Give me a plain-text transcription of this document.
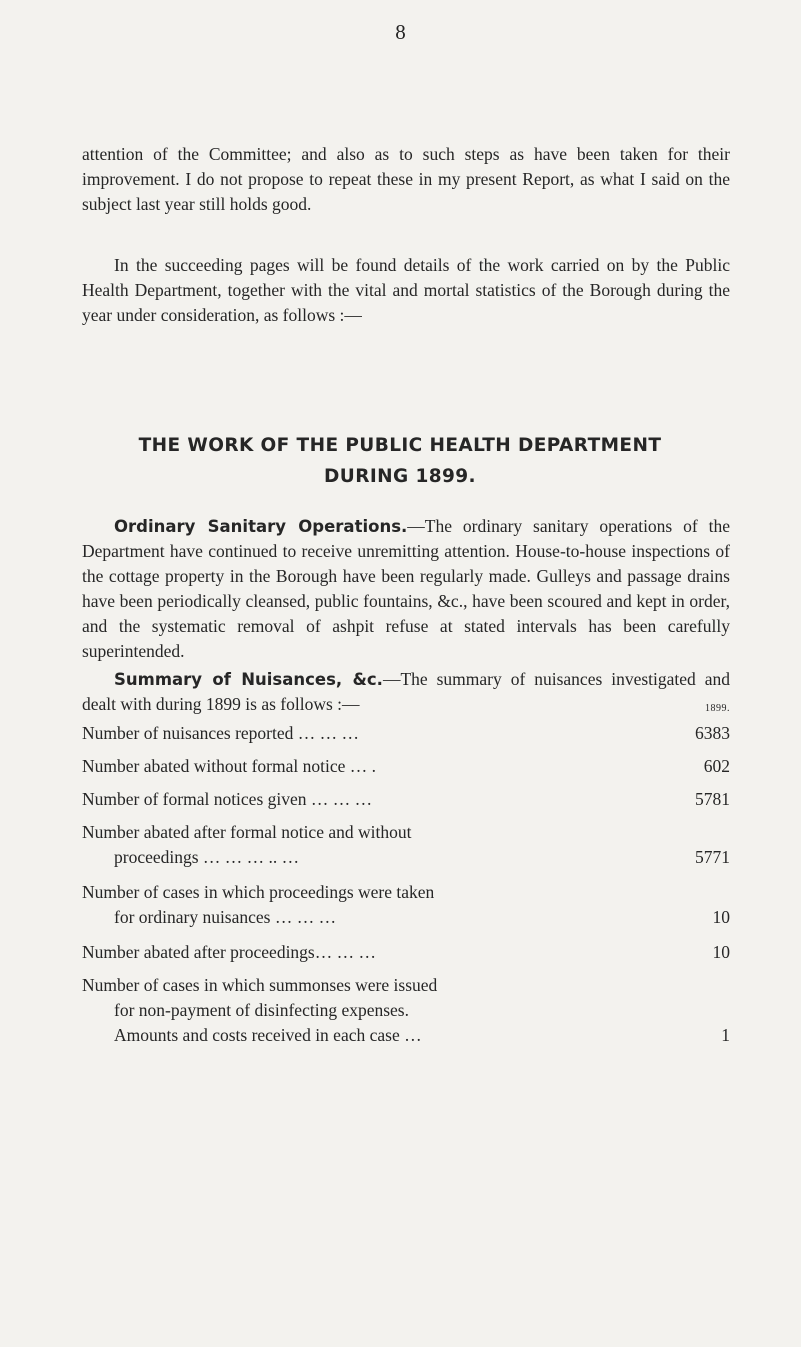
8

attention of the Committee; and also as to such steps as have been taken for their improvement. I do not propose to repeat these in my present Report, as what I said on the subject last year still holds good.

In the succeeding pages will be found details of the work carried on by the Public Health Department, together with the vital and mortal statistics of the Borough during the year under consideration, as follows :—

THE WORK OF THE PUBLIC HEALTH DEPARTMENT
DURING 1899.

Ordinary Sanitary Operations.—The ordinary sanitary operations of the Department have continued to receive unremitting attention. House-to-house inspections of the cottage property in the Borough have been regularly made. Gulleys and passage drains have been periodically cleansed, public fountains, &c., have been scoured and kept in order, and the systematic removal of ashpit refuse at stated intervals has been carefully superintended.

Summary of Nuisances, &c.—The summary of nuisances investigated and dealt with during 1899 is as follows :—	1899.
Number of nuisances reported … … …	6383
Number abated without formal notice … .	602
Number of formal notices given … … …	5781
Number abated after formal notice and without
proceedings … … … .. …	5771
Number of cases in which proceedings were taken
for ordinary nuisances … … …	10
Number abated after proceedings… … …	10
Number of cases in which summonses were issued
for non-payment of disinfecting expenses.
Amounts and costs received in each case …	1
